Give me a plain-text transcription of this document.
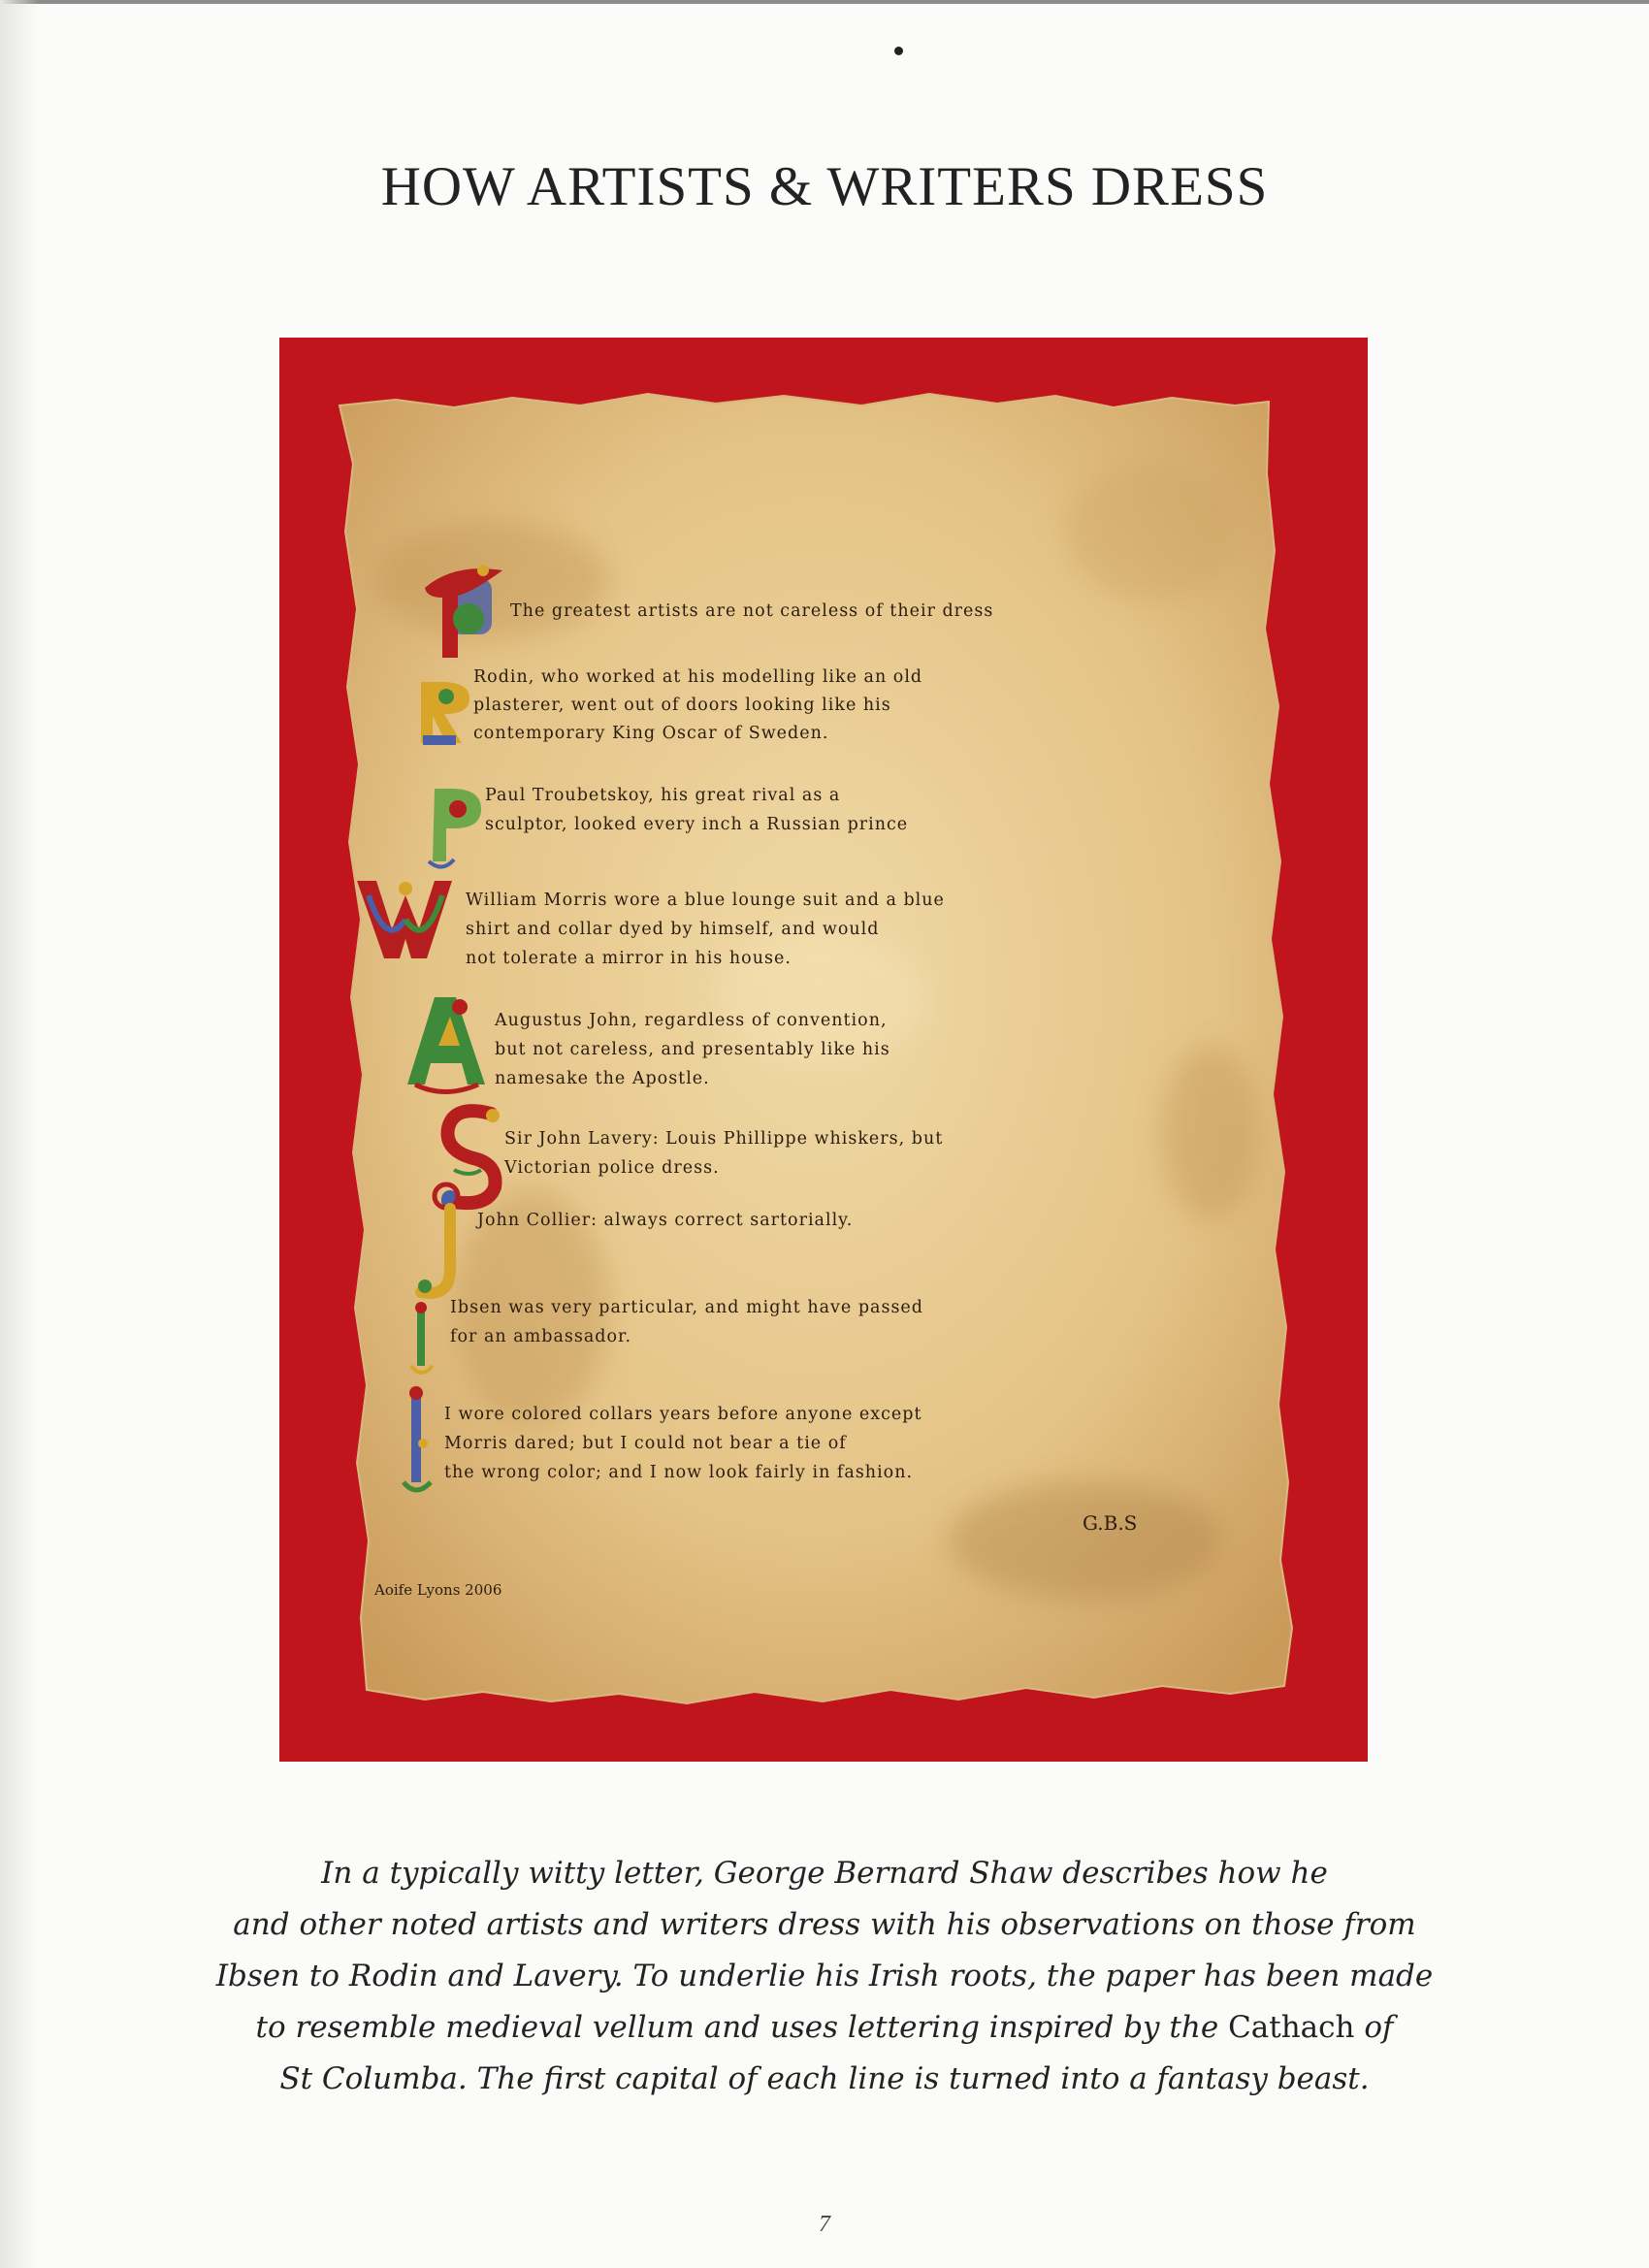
HOW ARTISTS & WRITERS DRESS
The greatest artists are not careless of their dress
Rodin, who worked at his modelling like an old
plasterer, went out of doors looking like his
contemporary King Oscar of Sweden.
Paul Troubetskoy, his great rival as a
sculptor, looked every inch a Russian prince
William Morris wore a blue lounge suit and a blue
shirt and collar dyed by himself, and would
not tolerate a mirror in his house.
Augustus John, regardless of convention,
but not careless, and presentably like his
namesake the Apostle.
Sir John Lavery: Louis Phillippe whiskers, but
Victorian police dress.
John Collier: always correct sartorially.
Ibsen was very particular, and might have passed
for an ambassador.
I wore colored collars years before anyone except
Morris dared; but I could not bear a tie of
the wrong color; and I now look fairly in fashion.
G.B.S
Aoife Lyons 2006
In a typically witty letter, George Bernard Shaw describes how he
and other noted artists and writers dress with his observations on those from
Ibsen to Rodin and Lavery. To underlie his Irish roots, the paper has been made
to resemble medieval vellum and uses lettering inspired by the Cathach of
St Columba. The first capital of each line is turned into a fantasy beast.
7
